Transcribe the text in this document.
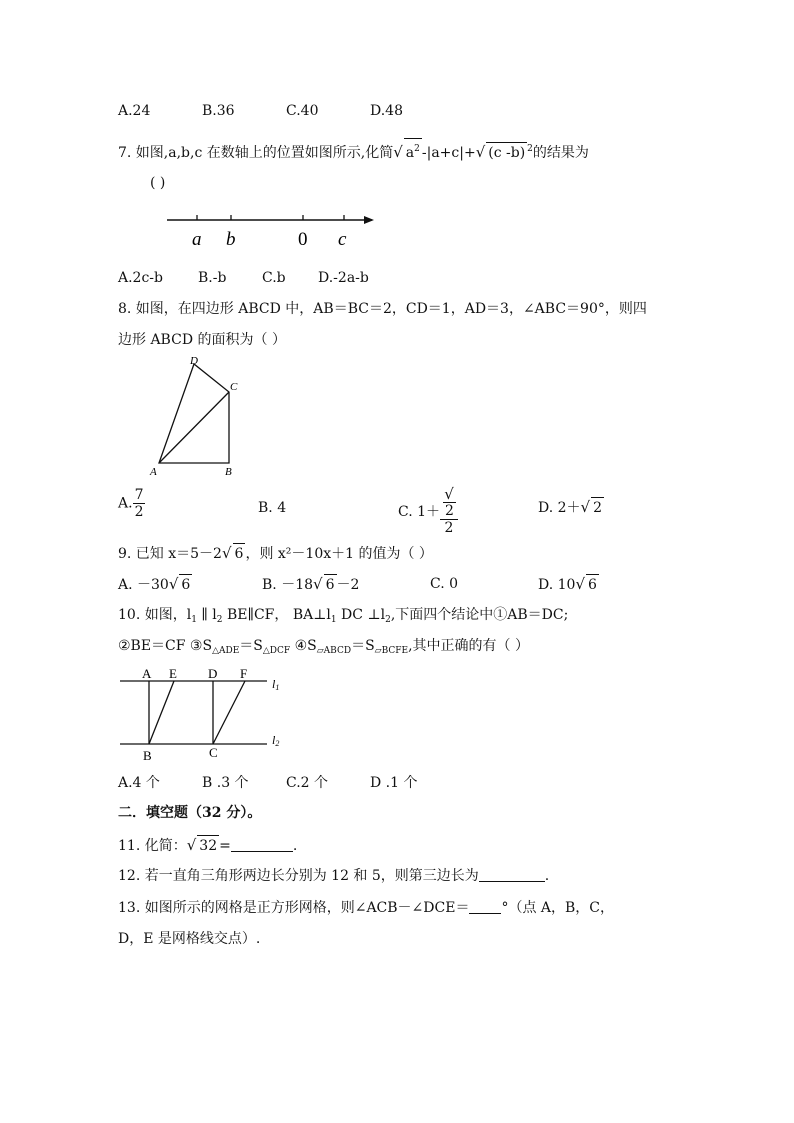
A.24	B.36	C.40	D.48
7. 如图,a,b,c 在数轴上的位置如图所示,化简√ $a^2$ -|a+c|+√ (c -b) $^2$的结果为
( )
a b	0 c
A.2c-b B.-b	C.b D.-2a-b
8. 如图，在四边形 ABCD 中，AB＝BC＝2，CD＝1，AD＝3，∠ABC＝90°，则四
边形 ABCD 的面积为（ ）
D
C
A	B
A. $\frac{7}{2}$	B. 4	C. 1＋ √
2
2	D. 2＋√ 2
9. 已知 x＝5－2√ 6 ，则 x²－10x＋1 的值为（ ）
A. －30√ 6	B. －18√ 6 －2	C. 0	D. 10√ 6
10. 如图，$l_1$ ∥ $l_2$ BE∥CF， $BA\perp l_1$ DC $\perp l_2$,下面四个结论中①AB＝DC;
②BE＝CF $③S_{\triangle ADE}=S_{\triangle DCF}$ $④S_{▱ABCD}=S_{▱BCFE}$,其中正确的有（ ）
A E D F
B	C
l1
l2
A.4 个	B .3 个	C.2 个	D .1 个
二．填空题（32 分）。
11. 化简：√ 32 =	.
12. 若一直角三角形两边长分别为 12 和 5，则第三边长为	.
13. 如图所示的网格是正方形网格，则∠ACB－∠DCE＝ °（点 A，B，C，
D，E 是网格线交点）.
